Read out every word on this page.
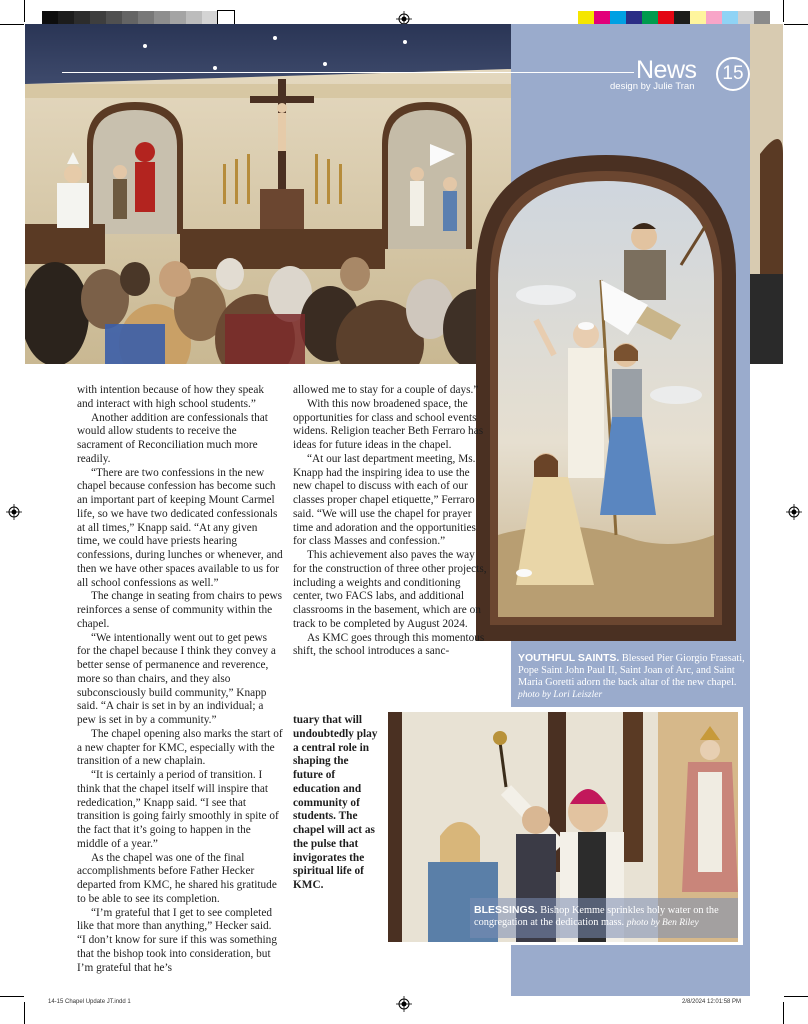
News
design by Julie Tran
15
YOUTHFUL SAINTS. Blessed Pier Giorgio Frassati, Pope Saint John Paul II, Saint Joan of Arc, and Saint Maria Goretti adorn the back altar of the new chapel. photo by Lori Leiszler
BLESSINGS. Bishop Kemme sprinkles holy water on the congregation at the dedication mass. photo by Ben Riley

with intention because of how they speak and interact with high school students.”

Another addition are confessionals that would allow students to receive the sacrament of Reconciliation much more readily.

“There are two confessions in the new chapel because confession has become such an important part of keeping Mount Carmel life, so we have two dedicated confessionals at all times,” Knapp said. “At any given time, we could have priests hearing confessions, during lunches or whenever, and then we have other spaces available to us for all school confessions as well.”

The change in seating from chairs to pews reinforces a sense of community within the chapel.

“We intentionally went out to get pews for the chapel because I think they convey a better sense of permanence and reverence, more so than chairs, and they also subconsciously build community,” Knapp said. “A chair is set in by an individual; a pew is set in by a community.”

The chapel opening also marks the start of a new chapter for KMC, especially with the transition of a new chaplain.

“It is certainly a period of transition. I think that the chapel itself will inspire that rededication,” Knapp said. “I see that transition is going fairly smoothly in spite of the fact that it’s going to happen in the middle of a year.”

As the chapel was one of the final accomplishments before Father Hecker departed from KMC, he shared his gratitude to be able to see its completion.

“I’m grateful that I get to see completed like that more than anything,” Hecker said. “I don’t know for sure if this was something that the bishop took into consideration, but I’m grateful that he’s

allowed me to stay for a couple of days.”

With this now broadened space, the opportunities for class and school events widens. Religion teacher Beth Ferraro has ideas for future ideas in the chapel.

“At our last department meeting, Ms. Knapp had the inspiring idea to use the new chapel to discuss with each of our classes proper chapel etiquette,” Ferraro said. “We will use the chapel for prayer time and adoration and the opportunities for class Masses and confession.”

This achievement also paves the way for the construction of three other projects, including a weights and conditioning center, two FACS labs, and additional classrooms in the basement, which are on track to be completed by August 2024.

As KMC goes through this momentous shift, the school introduces a sanc-

tuary that will undoubtedly play a central role in shaping the future of education and community of students. The chapel will act as the pulse that invigorates the spiritual life of KMC.
14-15 Chapel Update JT.indd 1	2/8/2024 12:01:58 PM
